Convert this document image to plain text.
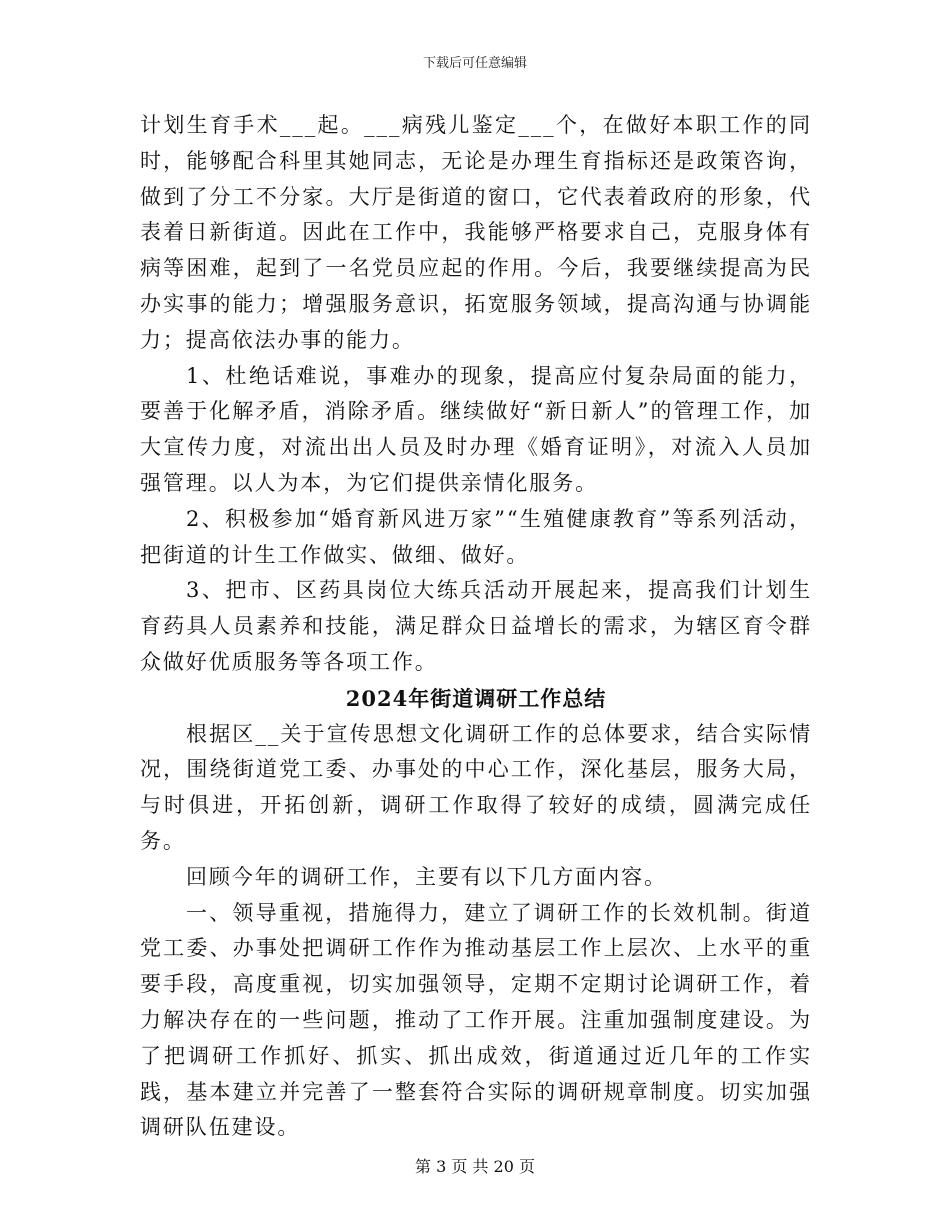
下载后可任意编辑

计划生育手术___起。___病残儿鉴定___个，在做好本职工作的同时，能够配合科里其她同志，无论是办理生育指标还是政策咨询，做到了分工不分家。大厅是街道的窗口，它代表着政府的形象，代表着日新街道。因此在工作中，我能够严格要求自己，克服身体有病等困难，起到了一名党员应起的作用。今后，我要继续提高为民办实事的能力；增强服务意识，拓宽服务领域，提高沟通与协调能力；提高依法办事的能力。

1、杜绝话难说，事难办的现象，提高应付复杂局面的能力，要善于化解矛盾，消除矛盾。继续做好“新日新人”的管理工作，加大宣传力度，对流出出人员及时办理《婚育证明》，对流入人员加强管理。以人为本，为它们提供亲情化服务。

2、积极参加“婚育新风进万家”“生殖健康教育”等系列活动，把街道的计生工作做实、做细、做好。

3、把市、区药具岗位大练兵活动开展起来，提高我们计划生育药具人员素养和技能，满足群众日益增长的需求，为辖区育令群众做好优质服务等各项工作。

2024年街道调研工作总结

根据区__关于宣传思想文化调研工作的总体要求，结合实际情况，围绕街道党工委、办事处的中心工作，深化基层，服务大局，与时俱进，开拓创新，调研工作取得了较好的成绩，圆满完成任务。

回顾今年的调研工作，主要有以下几方面内容。

一、领导重视，措施得力，建立了调研工作的长效机制。街道党工委、办事处把调研工作作为推动基层工作上层次、上水平的重要手段，高度重视，切实加强领导，定期不定期讨论调研工作，着力解决存在的一些问题，推动了工作开展。注重加强制度建设。为了把调研工作抓好、抓实、抓出成效，街道通过近几年的工作实践，基本建立并完善了一整套符合实际的调研规章制度。切实加强调研队伍建设。

第 3 页 共 20 页
